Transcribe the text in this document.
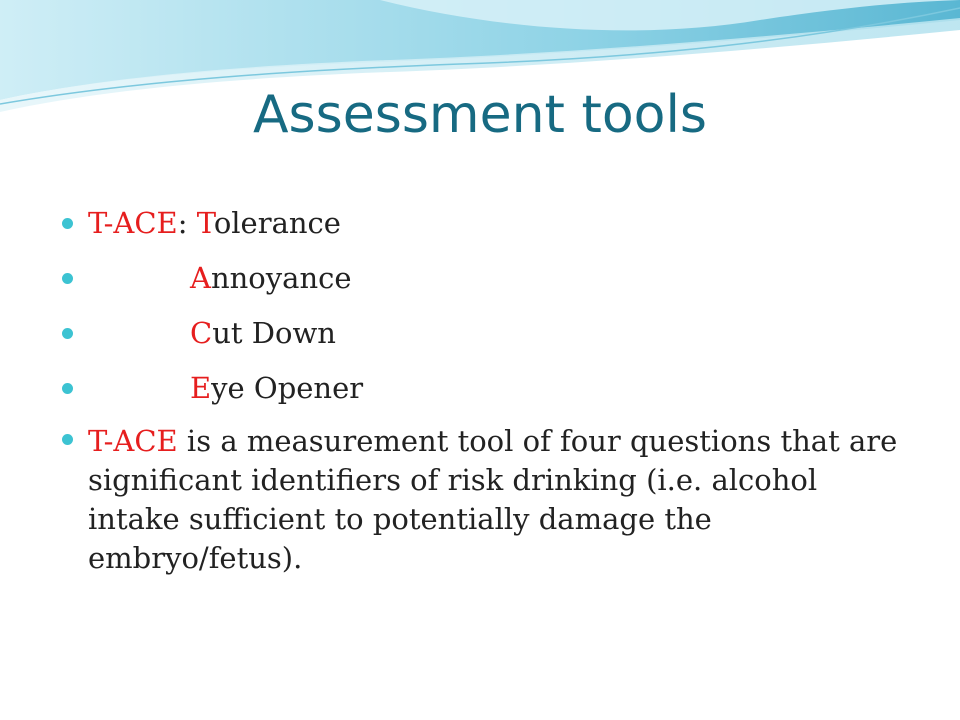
Assessment tools
T-ACE: Tolerance
Annoyance
Cut Down
Eye Opener
T-ACE is a measurement tool of four questions that are significant identifiers of risk drinking (i.e. alcohol intake sufficient to potentially damage the embryo/fetus).
